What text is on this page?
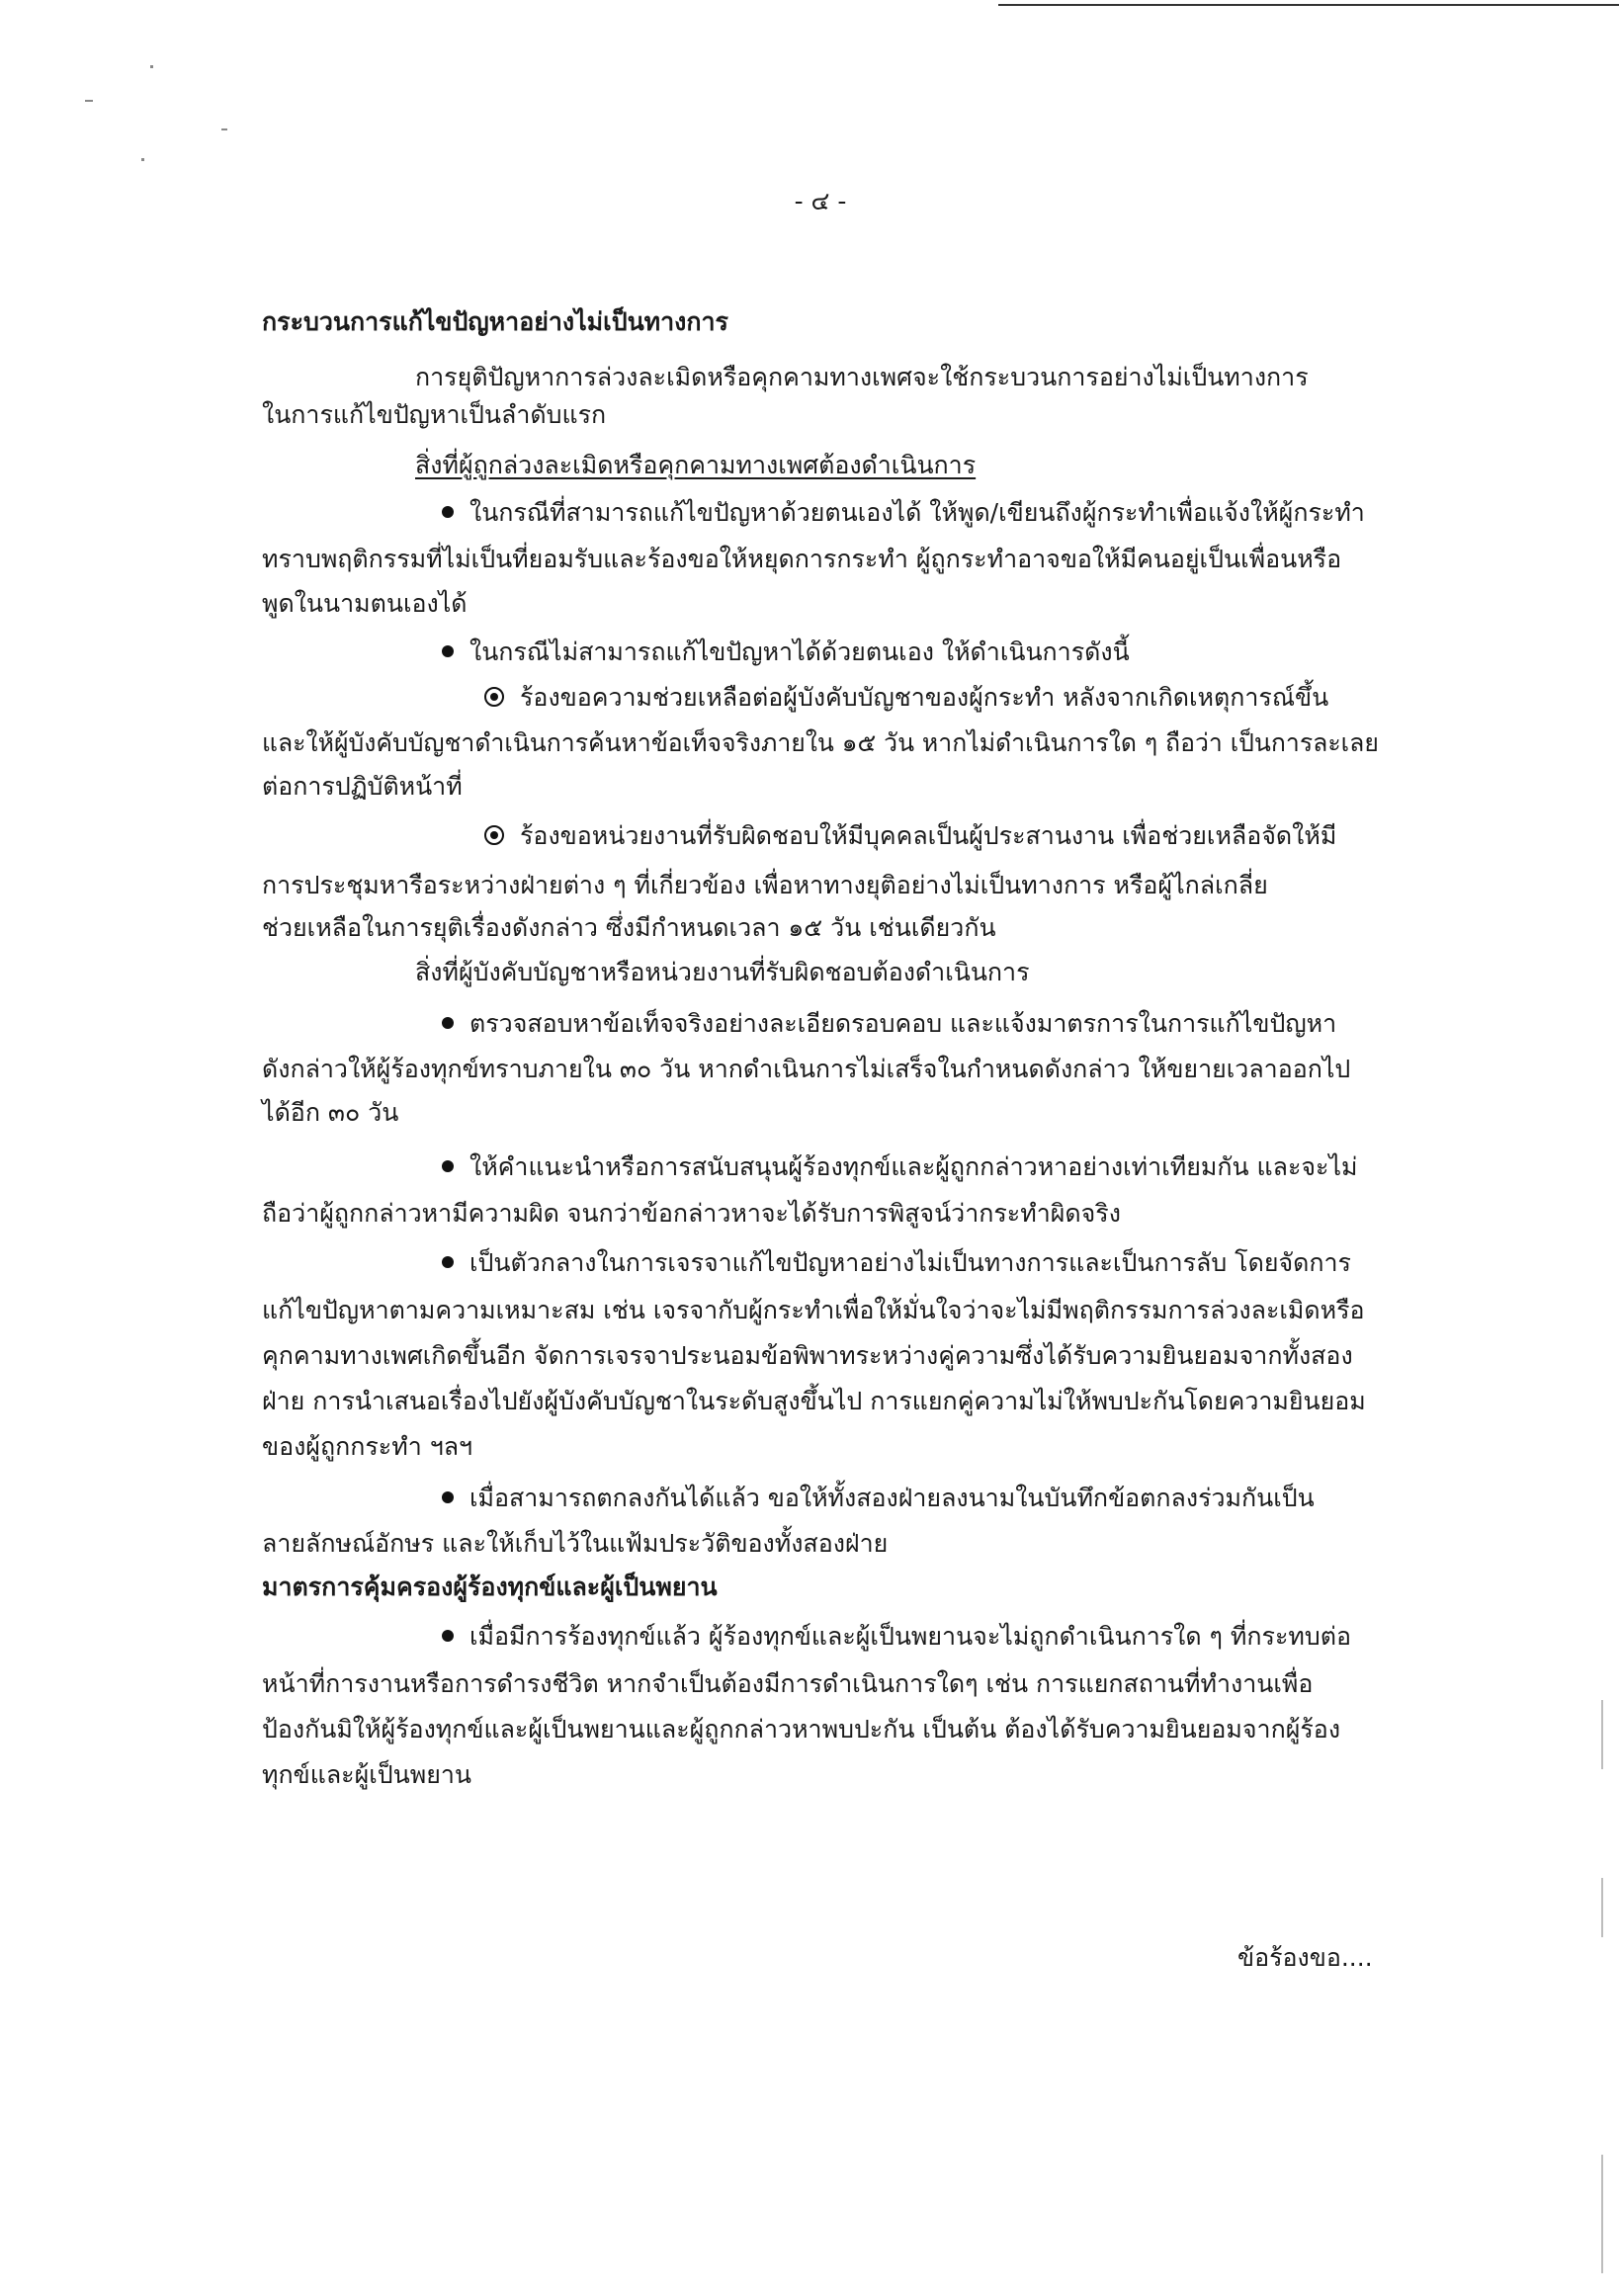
- ๔ -
กระบวนการแก้ไขปัญหาอย่างไม่เป็นทางการ
การยุติปัญหาการล่วงละเมิดหรือคุกคามทางเพศจะใช้กระบวนการอย่างไม่เป็นทางการ
ในการแก้ไขปัญหาเป็นลำดับแรก
สิ่งที่ผู้ถูกล่วงละเมิดหรือคุกคามทางเพศต้องดำเนินการ
ในกรณีที่สามารถแก้ไขปัญหาด้วยตนเองได้ ให้พูด/เขียนถึงผู้กระทำเพื่อแจ้งให้ผู้กระทำ
ทราบพฤติกรรมที่ไม่เป็นที่ยอมรับและร้องขอให้หยุดการกระทำ ผู้ถูกระทำอาจขอให้มีคนอยู่เป็นเพื่อนหรือ
พูดในนามตนเองได้
ในกรณีไม่สามารถแก้ไขปัญหาได้ด้วยตนเอง ให้ดำเนินการดังนี้
ร้องขอความช่วยเหลือต่อผู้บังคับบัญชาของผู้กระทำ หลังจากเกิดเหตุการณ์ขึ้น
และให้ผู้บังคับบัญชาดำเนินการค้นหาข้อเท็จจริงภายใน ๑๕ วัน หากไม่ดำเนินการใด ๆ ถือว่า เป็นการละเลย
ต่อการปฏิบัติหน้าที่
ร้องขอหน่วยงานที่รับผิดชอบให้มีบุคคลเป็นผู้ประสานงาน เพื่อช่วยเหลือจัดให้มี
การประชุมหารือระหว่างฝ่ายต่าง ๆ ที่เกี่ยวข้อง เพื่อหาทางยุติอย่างไม่เป็นทางการ หรือผู้ไกล่เกลี่ย
ช่วยเหลือในการยุติเรื่องดังกล่าว ซึ่งมีกำหนดเวลา ๑๕ วัน เช่นเดียวกัน
สิ่งที่ผู้บังคับบัญชาหรือหน่วยงานที่รับผิดชอบต้องดำเนินการ
ตรวจสอบหาข้อเท็จจริงอย่างละเอียดรอบคอบ และแจ้งมาตรการในการแก้ไขปัญหา
ดังกล่าวให้ผู้ร้องทุกข์ทราบภายใน ๓๐ วัน หากดำเนินการไม่เสร็จในกำหนดดังกล่าว ให้ขยายเวลาออกไป
ได้อีก ๓๐ วัน
ให้คำแนะนำหรือการสนับสนุนผู้ร้องทุกข์และผู้ถูกกล่าวหาอย่างเท่าเทียมกัน และจะไม่
ถือว่าผู้ถูกกล่าวหามีความผิด จนกว่าข้อกล่าวหาจะได้รับการพิสูจน์ว่ากระทำผิดจริง
เป็นตัวกลางในการเจรจาแก้ไขปัญหาอย่างไม่เป็นทางการและเป็นการลับ โดยจัดการ
แก้ไขปัญหาตามความเหมาะสม เช่น เจรจากับผู้กระทำเพื่อให้มั่นใจว่าจะไม่มีพฤติกรรมการล่วงละเมิดหรือ
คุกคามทางเพศเกิดขึ้นอีก จัดการเจรจาประนอมข้อพิพาทระหว่างคู่ความซึ่งได้รับความยินยอมจากทั้งสอง
ฝ่าย การนำเสนอเรื่องไปยังผู้บังคับบัญชาในระดับสูงขึ้นไป การแยกคู่ความไม่ให้พบปะกันโดยความยินยอม
ของผู้ถูกกระทำ ฯลฯ
เมื่อสามารถตกลงกันได้แล้ว ขอให้ทั้งสองฝ่ายลงนามในบันทึกข้อตกลงร่วมกันเป็น
ลายลักษณ์อักษร และให้เก็บไว้ในแฟ้มประวัติของทั้งสองฝ่าย
มาตรการคุ้มครองผู้ร้องทุกข์และผู้เป็นพยาน
เมื่อมีการร้องทุกข์แล้ว ผู้ร้องทุกข์และผู้เป็นพยานจะไม่ถูกดำเนินการใด ๆ ที่กระทบต่อ
หน้าที่การงานหรือการดำรงชีวิต หากจำเป็นต้องมีการดำเนินการใดๆ เช่น การแยกสถานที่ทำงานเพื่อ
ป้องกันมิให้ผู้ร้องทุกข์และผู้เป็นพยานและผู้ถูกกล่าวหาพบปะกัน เป็นต้น ต้องได้รับความยินยอมจากผู้ร้อง
ทุกข์และผู้เป็นพยาน
ข้อร้องขอ....
